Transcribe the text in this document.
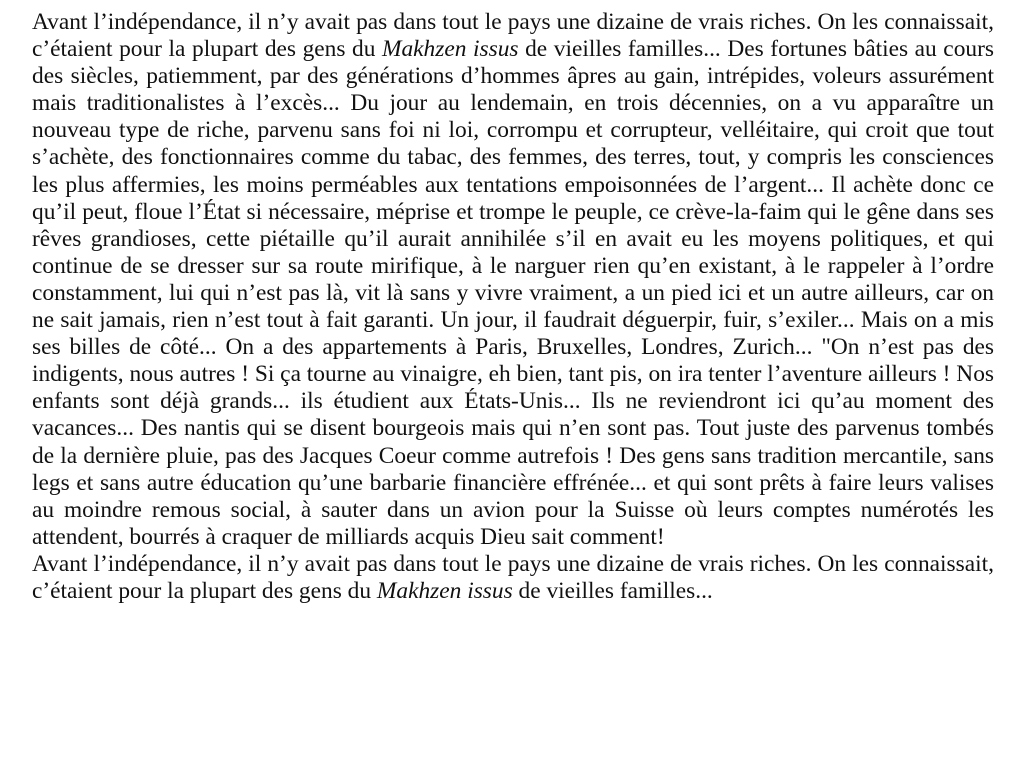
Avant l’indépendance, il n’y avait pas dans tout le pays une dizaine de vrais riches. On les connaissait, c’étaient pour la plupart des gens du Makhzen issus de vieilles familles... Des fortunes bâties au cours des siècles, patiemment, par des générations d’hommes âpres au gain, intrépides, voleurs assurément mais traditionalistes à l’excès... Du jour au lendemain, en trois décennies, on a vu apparaître un nouveau type de riche, parvenu sans foi ni loi, corrompu et corrupteur, velléitaire, qui croit que tout s’achète, des fonctionnaires comme du tabac, des femmes, des terres, tout, y compris les consciences les plus affermies, les moins perméables aux tentations empoisonnées de l’argent... Il achète donc ce qu’il peut, floue l’État si nécessaire, méprise et trompe le peuple, ce crève-la-faim qui le gêne dans ses rêves grandioses, cette piétaille qu’il aurait annihilée s’il en avait eu les moyens politiques, et qui continue de se dresser sur sa route mirifique, à le narguer rien qu’en existant, à le rappeler à l’ordre constamment, lui qui n’est pas là, vit là sans y vivre vraiment, a un pied ici et un autre ailleurs, car on ne sait jamais, rien n’est tout à fait garanti. Un jour, il faudrait déguerpir, fuir, s’exiler... Mais on a mis ses billes de côté... On a des appartements à Paris, Bruxelles, Londres, Zurich... "On n’est pas des indigents, nous autres ! Si ça tourne au vinaigre, eh bien, tant pis, on ira tenter l’aventure ailleurs ! Nos enfants sont déjà grands... ils étudient aux États-Unis... Ils ne reviendront ici qu’au moment des vacances... Des nantis qui se disent bourgeois mais qui n’en sont pas. Tout juste des parvenus tombés de la dernière pluie, pas des Jacques Coeur comme autrefois ! Des gens sans tradition mercantile, sans legs et sans autre éducation qu’une barbarie financière effrénée... et qui sont prêts à faire leurs valises au moindre remous social, à sauter dans un avion pour la Suisse où leurs comptes numérotés les attendent, bourrés à craquer de milliards acquis Dieu sait comment!

Avant l’indépendance, il n’y avait pas dans tout le pays une dizaine de vrais riches. On les connaissait, c’étaient pour la plupart des gens du Makhzen issus de vieilles familles...
